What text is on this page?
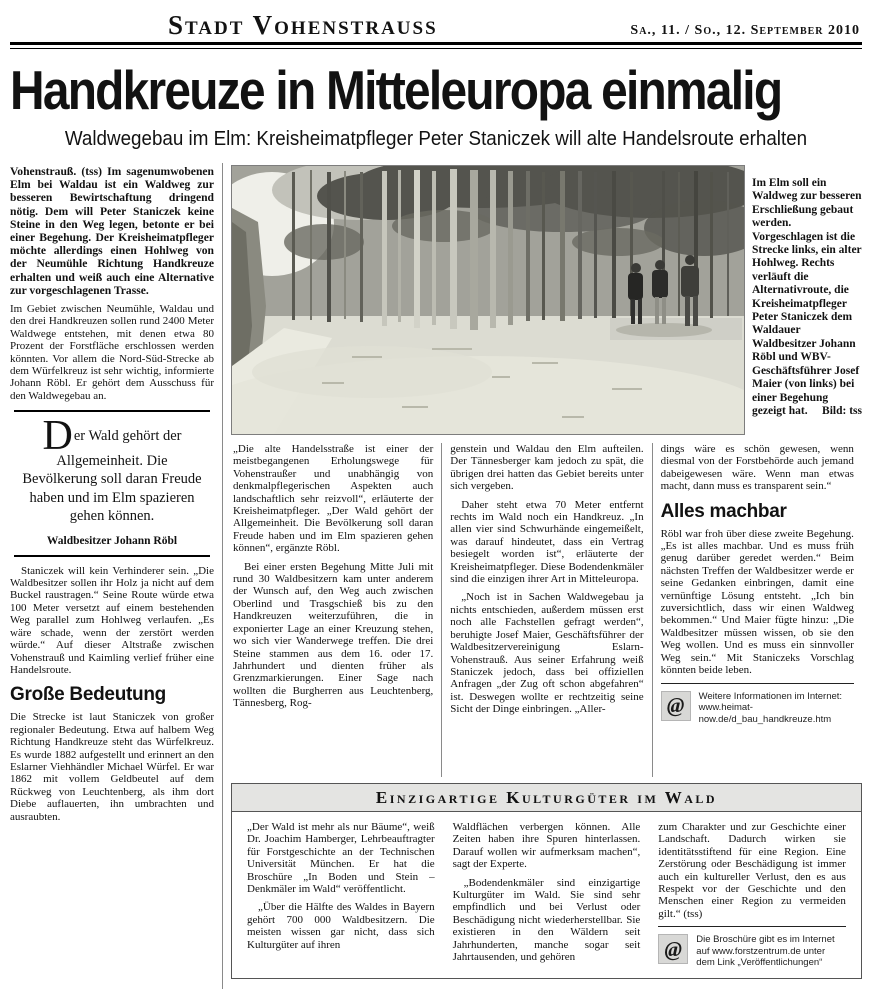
Stadt Vohenstrauss	Sa., 11. / So., 12. September 2010
Handkreuze in Mitteleuropa einmalig
Waldwegebau im Elm: Kreisheimatpfleger Peter Staniczek will alte Handelsroute erhalten

Vohenstrauß. (tss) Im sagenumwobenen Elm bei Waldau ist ein Waldweg zur besseren Bewirtschaftung dringend nötig. Dem will Peter Staniczek keine Steine in den Weg legen, betonte er bei einer Begehung. Der Kreisheimatpfleger möchte allerdings einen Hohlweg von der Neumühle Richtung Handkreuze erhalten und weiß auch eine Alternative zur vorgeschlagenen Trasse.

Im Gebiet zwischen Neumühle, Waldau und den drei Handkreuzen sollen rund 2400 Meter Waldwege entstehen, mit denen etwa 80 Prozent der Forstfläche erschlossen werden könnten. Vor allem die Nord-Süd-Strecke ab dem Würfelkreuz ist sehr wichtig, informierte Johann Röbl. Er gehört dem Ausschuss für den Waldwegebau an.

Der Wald gehört der Allgemeinheit. Die Bevölkerung soll daran Freude haben und im Elm spazieren gehen können.
Waldbesitzer Johann Röbl

Staniczek will kein Verhinderer sein. „Die Waldbesitzer sollen ihr Holz ja nicht auf dem Buckel raustragen.“ Seine Route würde etwa 100 Meter versetzt auf einem bestehenden Weg parallel zum Hohlweg verlaufen. „Es wäre schade, wenn der zerstört werden würde.“ Auf dieser Altstraße zwischen Vohenstrauß und Kaimling verlief früher eine Handelsroute.

Große Bedeutung

Die Strecke ist laut Staniczek von großer regionaler Bedeutung. Etwa auf halbem Weg Richtung Handkreuze steht das Würfelkreuz. Es wurde 1882 aufgestellt und erinnert an den Eslarner Viehhändler Michael Würfel. Er war 1862 mit vollem Geldbeutel auf dem Rückweg von Leuchtenberg, als ihm dort Diebe auflauerten, ihn umbrachten und ausraubten.

Im Elm soll ein Waldweg zur besseren Erschließung gebaut werden. Vorgeschlagen ist die Strecke links, ein alter Hohlweg. Rechts verläuft die Alternativroute, die Kreisheimatpfleger Peter Staniczek dem Waldauer Waldbesitzer Johann Röbl und WBV-Geschäftsführer Josef Maier (von links) bei einer Begehung gezeigt hat. Bild: tss

„Die alte Handelsstraße ist einer der meistbegangenen Erholungswege für Vohenstraußer und unabhängig von denkmalpflegerischen Aspekten auch landschaftlich sehr reizvoll“, erläuterte der Kreisheimatpfleger. „Der Wald gehört der Allgemeinheit. Die Bevölkerung soll daran Freude haben und im Elm spazieren gehen können“, ergänzte Röbl.

Bei einer ersten Begehung Mitte Juli mit rund 30 Waldbesitzern kam unter anderem der Wunsch auf, den Weg auch zwischen Oberlind und Trasgschieß bis zu den Handkreuzen weiterzuführen, die in exponierter Lage an einer Kreuzung stehen, wo sich vier Wanderwege treffen. Die drei Steine stammen aus dem 16. oder 17. Jahrhundert und dienten früher als Grenzmarkierungen. Einer Sage nach wollten die Burgherren aus Leuchtenberg, Tännesberg, Rog-

genstein und Waldau den Elm aufteilen. Der Tännesberger kam jedoch zu spät, die übrigen drei hatten das Gebiet bereits unter sich vergeben.

Daher steht etwa 70 Meter entfernt rechts im Wald noch ein Handkreuz. „In allen vier sind Schwurhände eingemeißelt, was darauf hindeutet, dass ein Vertrag besiegelt worden ist“, erläuterte der Kreisheimatpfleger. Diese Bodendenkmäler sind die einzigen ihrer Art in Mitteleuropa.

„Noch ist in Sachen Waldwegebau ja nichts entschieden, außerdem müssen erst noch alle Fachstellen gefragt werden“, beruhigte Josef Maier, Geschäftsführer der Waldbesitzervereinigung Eslarn-Vohenstrauß. Aus seiner Erfahrung weiß Staniczek jedoch, dass bei offiziellen Anfragen „der Zug oft schon abgefahren“ ist. Deswegen wollte er rechtzeitig seine Sicht der Dinge einbringen. „Aller-

dings wäre es schön gewesen, wenn diesmal von der Forstbehörde auch jemand dabeigewesen wäre. Wenn man etwas macht, dann muss es transparent sein.“

Alles machbar

Röbl war froh über diese zweite Begehung. „Es ist alles machbar. Und es muss früh genug darüber geredet werden.“ Beim nächsten Treffen der Waldbesitzer werde er seine Gedanken einbringen, damit eine vernünftige Lösung entsteht. „Ich bin zuversichtlich, dass wir einen Waldweg bekommen.“ Und Maier fügte hinzu: „Die Waldbesitzer müssen wissen, ob sie den Weg wollen. Und es muss ein sinnvoller Weg sein.“ Mit Staniczeks Vorschlag könnten beide leben.

@	Weitere Informationen im Internet:
www.heimat-now.de/d_bau_handkreuze.htm
Einzigartige Kulturgüter im Wald

„Der Wald ist mehr als nur Bäume“, weiß Dr. Joachim Hamberger, Lehrbeauftragter für Forstgeschichte an der Technischen Universität München. Er hat die Broschüre „In Boden und Stein – Denkmäler im Wald“ veröffentlicht.

„Über die Hälfte des Waldes in Bayern gehört 700 000 Waldbesitzern. Die meisten wissen gar nicht, dass sich Kulturgüter auf ihren

Waldflächen verbergen können. Alle Zeiten haben ihre Spuren hinterlassen. Darauf wollen wir aufmerksam machen“, sagt der Experte.

„Bodendenkmäler sind einzigartige Kulturgüter im Wald. Sie sind sehr empfindlich und bei Verlust oder Beschädigung nicht wiederherstellbar. Sie existieren in den Wäldern seit Jahrhunderten, manche sogar seit Jahrtausenden, und gehören

zum Charakter und zur Geschichte einer Landschaft. Dadurch wirken sie identitätsstiftend für eine Region. Eine Zerstörung oder Beschädigung ist immer auch ein kultureller Verlust, den es aus Respekt vor der Geschichte und den Menschen einer Region zu vermeiden gilt.“ (tss)

@	Die Broschüre gibt es im Internet auf www.forstzentrum.de unter dem Link „Veröffentlichungen“
